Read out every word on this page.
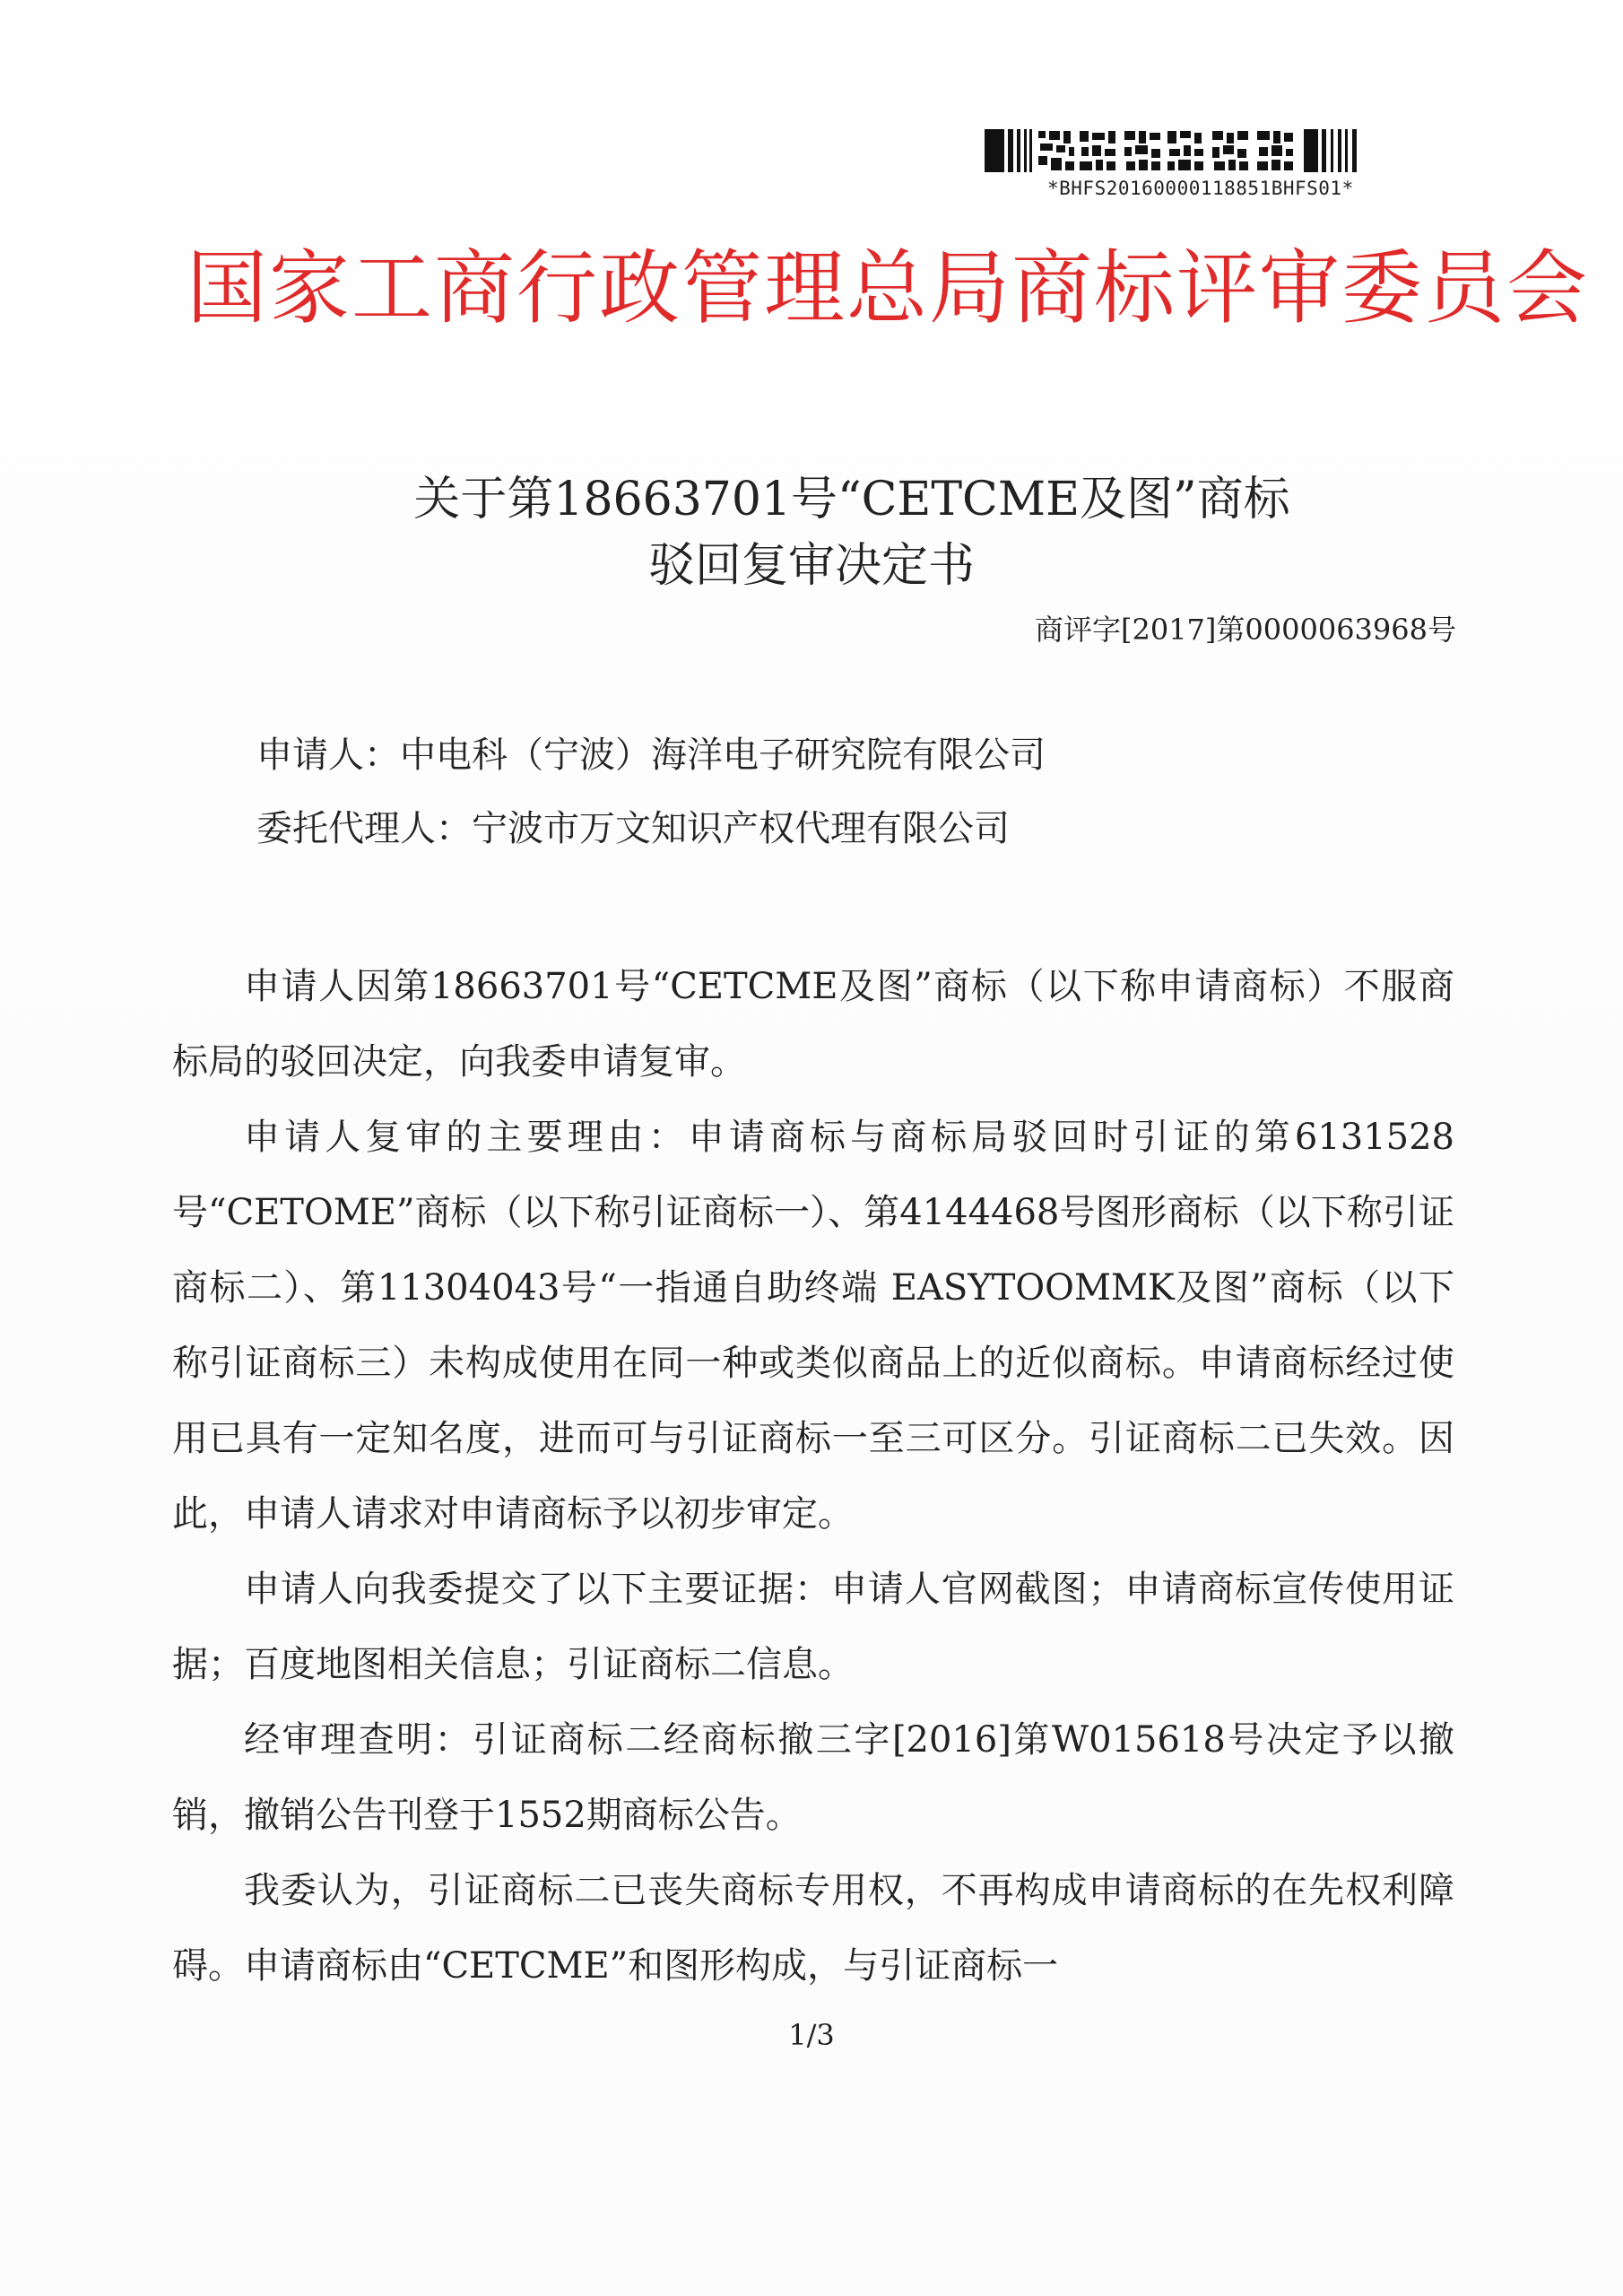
*BHFS20160000118851BHFS01*
国家工商行政管理总局商标评审委员会
关于第18663701号“CETCME及图”商标
驳回复审决定书
商评字[2017]第0000063968号
申请人：中电科（宁波）海洋电子研究院有限公司
委托代理人：宁波市万文知识产权代理有限公司

申请人因第18663701号“CETCME及图”商标（以下称申请商标）不服商标局的驳回决定，向我委申请复审。

申请人复审的主要理由：申请商标与商标局驳回时引证的第6131528号“CETOME”商标（以下称引证商标一）、第4144468号图形商标（以下称引证商标二）、第11304043号“一指通自助终端 EASYTOOMMK及图”商标（以下称引证商标三）未构成使用在同一种或类似商品上的近似商标。申请商标经过使用已具有一定知名度，进而可与引证商标一至三可区分。引证商标二已失效。因此，申请人请求对申请商标予以初步审定。

申请人向我委提交了以下主要证据：申请人官网截图；申请商标宣传使用证据；百度地图相关信息；引证商标二信息。

经审理查明：引证商标二经商标撤三字[2016]第W015618号决定予以撤销，撤销公告刊登于1552期商标公告。

我委认为，引证商标二已丧失商标专用权，不再构成申请商标的在先权利障碍。申请商标由“CETCME”和图形构成，与引证商标一

1/3
